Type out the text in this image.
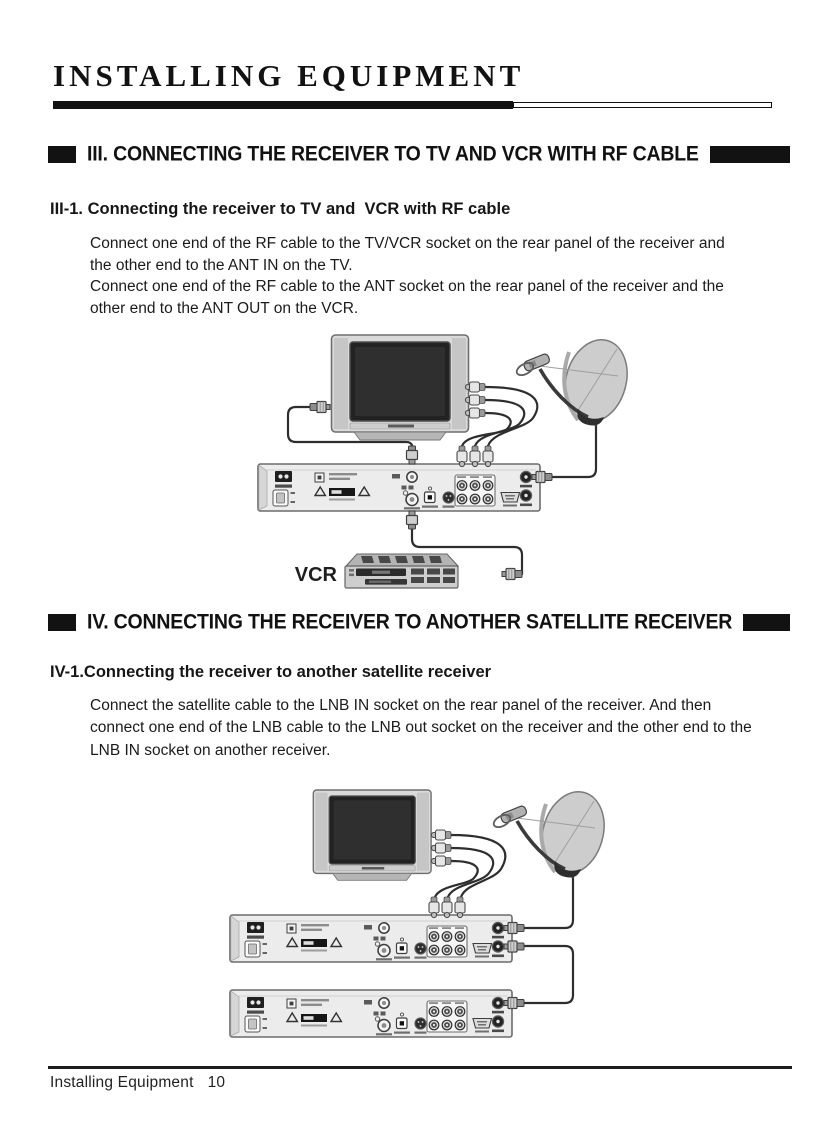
INSTALLING EQUIPMENT
III. CONNECTING THE RECEIVER TO TV AND VCR WITH RF CABLE
III-1. Connecting the receiver to TV and  VCR with RF cable
Connect one end of the RF cable to the TV/VCR socket on the rear panel of the receiver and
the other end to the ANT IN on the TV.
Connect one end of the RF cable to the ANT socket on the rear panel of the receiver and the
other end to the ANT OUT on the VCR.
VCR
IV. CONNECTING THE RECEIVER TO ANOTHER SATELLITE RECEIVER
IV-1.Connecting the receiver to another satellite receiver
Connect the satellite cable to the LNB IN socket on the rear panel of the receiver. And then
connect one end of the LNB cable to the LNB out socket on the receiver and the other end to the
LNB IN socket on another receiver.
Installing Equipment 10
